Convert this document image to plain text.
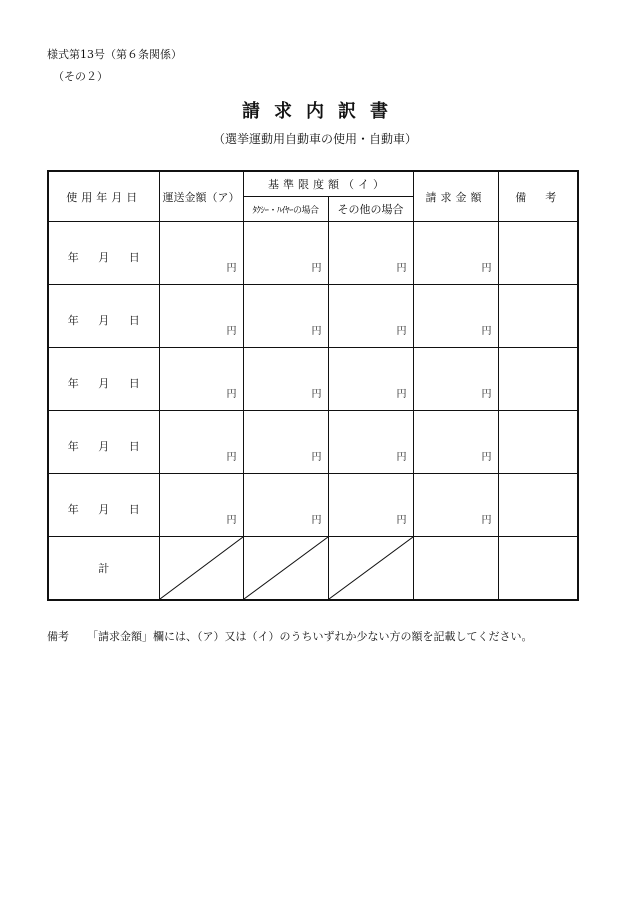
様式第13号（第６条関係）
（その２）
請求内訳書
（選挙運動用自動車の使用・自動車）
使用年月日	運送金額（ア）	基準限度額（イ）		請求金額	備　考
		ﾀｸｼｰ・ﾊｲﾔｰの場合	その他の場合		

年 月 日	円	円	円	円	

年 月 日	円	円	円	円	

年 月 日	円	円	円	円	

年 月 日	円	円	円	円	

年 月 日	円	円	円	円	

計	

備考 「請求金額」欄には、（ア）又は（イ）のうちいずれか少ない方の額を記載してください。
